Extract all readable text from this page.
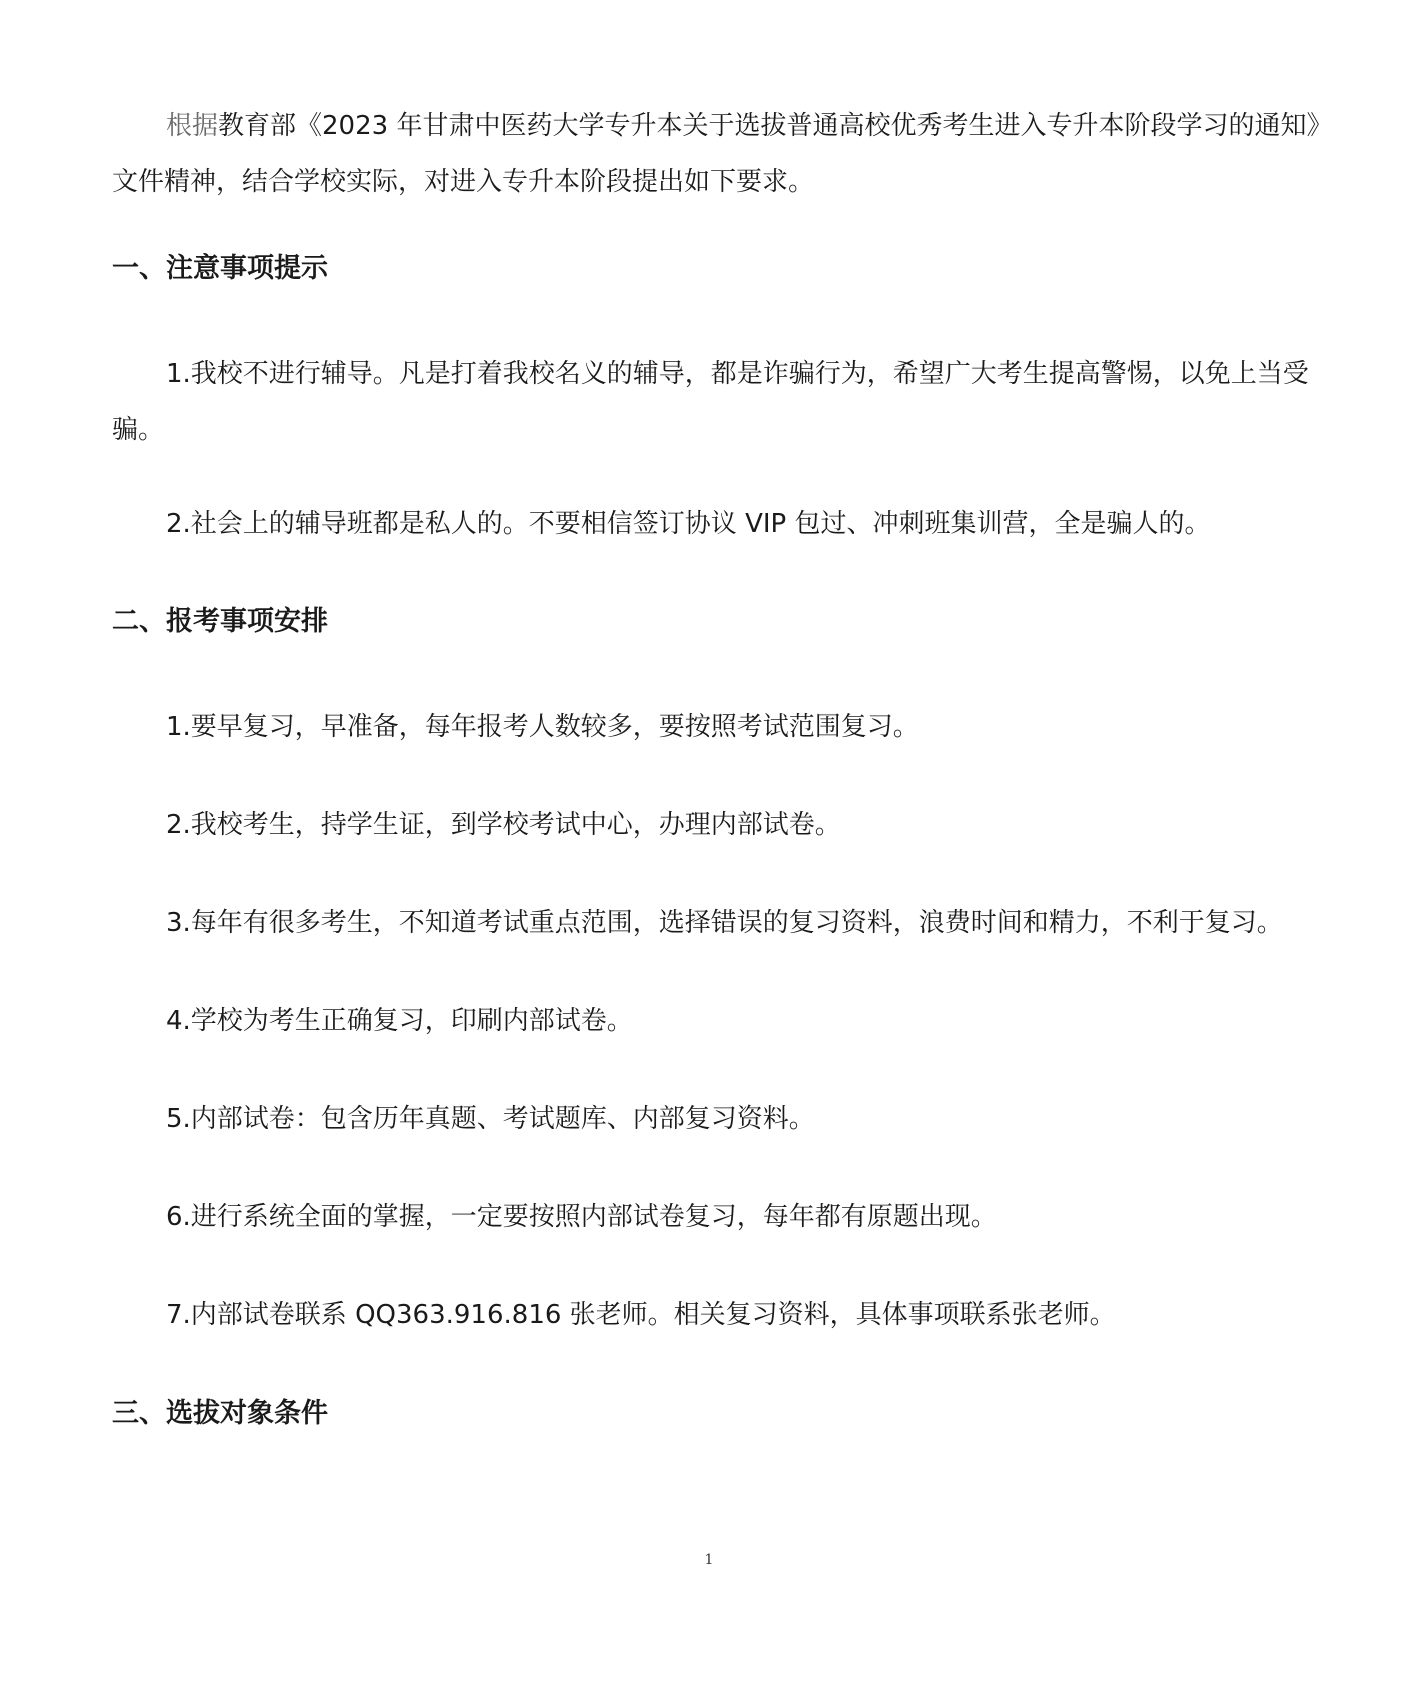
根据教育部《2023 年甘肃中医药大学专升本关于选拔普通高校优秀考生进入专升本阶段学习的通知》文件精神，结合学校实际，对进入专升本阶段提出如下要求。

一、注意事项提示

1.我校不进行辅导。凡是打着我校名义的辅导，都是诈骗行为，希望广大考生提高警惕，以免上当受骗。

2.社会上的辅导班都是私人的。不要相信签订协议 VIP 包过、冲刺班集训营，全是骗人的。

二、报考事项安排

1.要早复习，早准备，每年报考人数较多，要按照考试范围复习。

2.我校考生，持学生证，到学校考试中心，办理内部试卷。

3.每年有很多考生，不知道考试重点范围，选择错误的复习资料，浪费时间和精力，不利于复习。

4.学校为考生正确复习，印刷内部试卷。

5.内部试卷：包含历年真题、考试题库、内部复习资料。

6.进行系统全面的掌握，一定要按照内部试卷复习，每年都有原题出现。

7.内部试卷联系 QQ363.916.816 张老师。相关复习资料，具体事项联系张老师。

三、选拔对象条件
1
